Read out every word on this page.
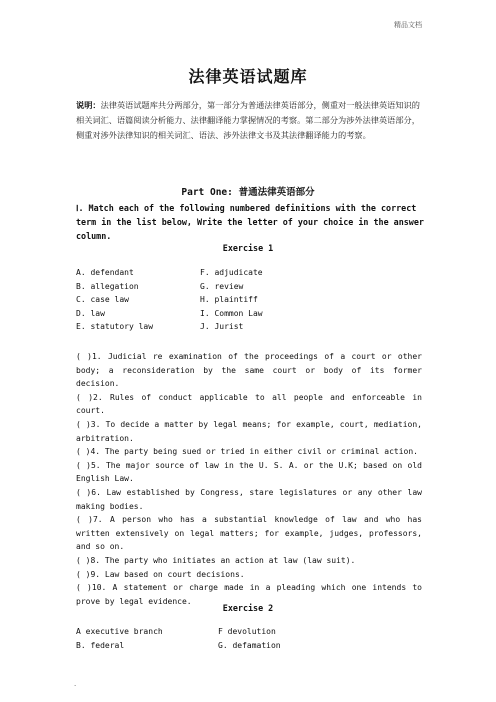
精品文档
法律英语试题库
说明：法律英语试题库共分两部分，第一部分为普通法律英语部分，侧重对一般法律英语知识的相关词汇、语篇阅读分析能力、法律翻译能力掌握情况的考察。第二部分为涉外法律英语部分，侧重对涉外法律知识的相关词汇、语法、涉外法律文书及其法律翻译能力的考察。
Part One: 普通法律英语部分
Ⅰ. Match each of the following numbered definitions with the correct term in the list below, Write the letter of your choice in the answer column.
Exercise 1
A. defendant	F. adjudicate
B. allegation	G. review
C. case law	H. plaintiff
D. law	I. Common Law
E. statutory law	J. Jurist

( )1. Judicial re examination of the proceedings of a court or other body; a reconsideration by the same court or body of its former decision.

( )2. Rules of conduct applicable to all people and enforceable in court.

( )3. To decide a matter by legal means; for example, court, mediation, arbitration.

( )4. The party being sued or tried in either civil or criminal action.

( )5. The major source of law in the U. S. A. or the U.K; based on old English Law.

( )6. Law established by Congress, stare legislatures or any other law making bodies.

( )7. A person who has a substantial knowledge of law and who has written extensively on legal matters; for example, judges, professors, and so on.

( )8. The party who initiates an action at law (law suit).

( )9. Law based on court decisions.

( )10. A statement or charge made in a pleading which one intends to prove by legal evidence.

Exercise 2
A executive branch	F devolution
B. federal	G. defamation
.
